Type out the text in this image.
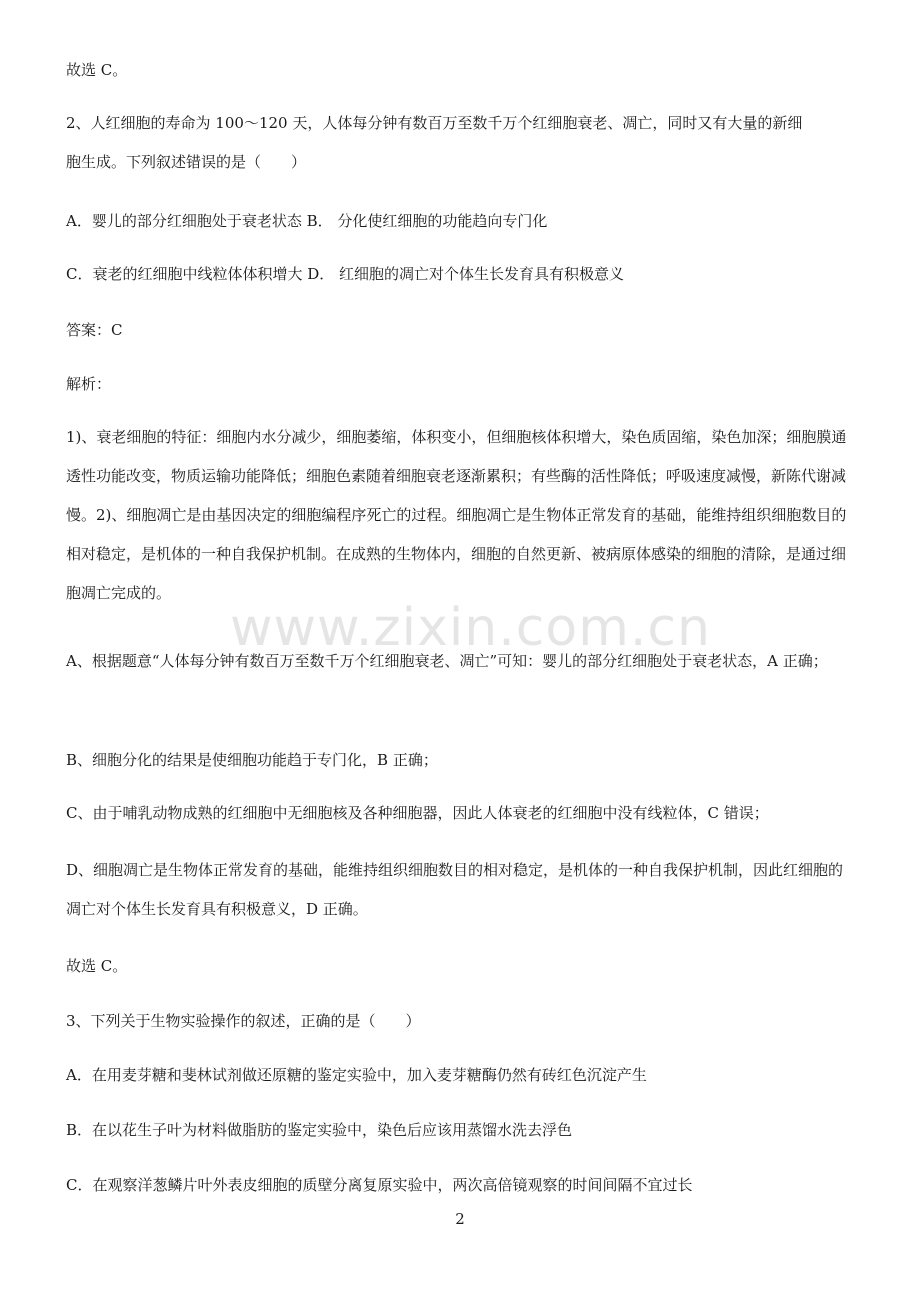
故选 C。
2、人红细胞的寿命为 100～120 天，人体每分钟有数百万至数千万个红细胞衰老、凋亡，同时又有大量的新细
胞生成。下列叙述错误的是（　　）
A．婴儿的部分红细胞处于衰老状态 B． 分化使红细胞的功能趋向专门化
C．衰老的红细胞中线粒体体积增大 D． 红细胞的凋亡对个体生长发育具有积极意义
答案：C
解析：
1)、衰老细胞的特征：细胞内水分减少，细胞萎缩，体积变小，但细胞核体积增大，染色质固缩，染色加深；细胞膜通透性功能改变，物质运输功能降低；细胞色素随着细胞衰老逐渐累积；有些酶的活性降低；呼吸速度减慢，新陈代谢减慢。2)、细胞凋亡是由基因决定的细胞编程序死亡的过程。细胞凋亡是生物体正常发育的基础，能维持组织细胞数目的相对稳定，是机体的一种自我保护机制。在成熟的生物体内，细胞的自然更新、被病原体感染的细胞的清除，是通过细胞凋亡完成的。
A、根据题意“人体每分钟有数百万至数千万个红细胞衰老、凋亡”可知：婴儿的部分红细胞处于衰老状态，A 正确；
B、细胞分化的结果是使细胞功能趋于专门化，B 正确；
C、由于哺乳动物成熟的红细胞中无细胞核及各种细胞器，因此人体衰老的红细胞中没有线粒体，C 错误；
D、细胞凋亡是生物体正常发育的基础，能维持组织细胞数目的相对稳定，是机体的一种自我保护机制，因此红细胞的凋亡对个体生长发育具有积极意义，D 正确。
故选 C。
3、下列关于生物实验操作的叙述，正确的是（　　）
A．在用麦芽糖和斐林试剂做还原糖的鉴定实验中，加入麦芽糖酶仍然有砖红色沉淀产生
B．在以花生子叶为材料做脂肪的鉴定实验中，染色后应该用蒸馏水洗去浮色
C．在观察洋葱鳞片叶外表皮细胞的质壁分离复原实验中，两次高倍镜观察的时间间隔不宜过长
www.zixin.com.cn
2
